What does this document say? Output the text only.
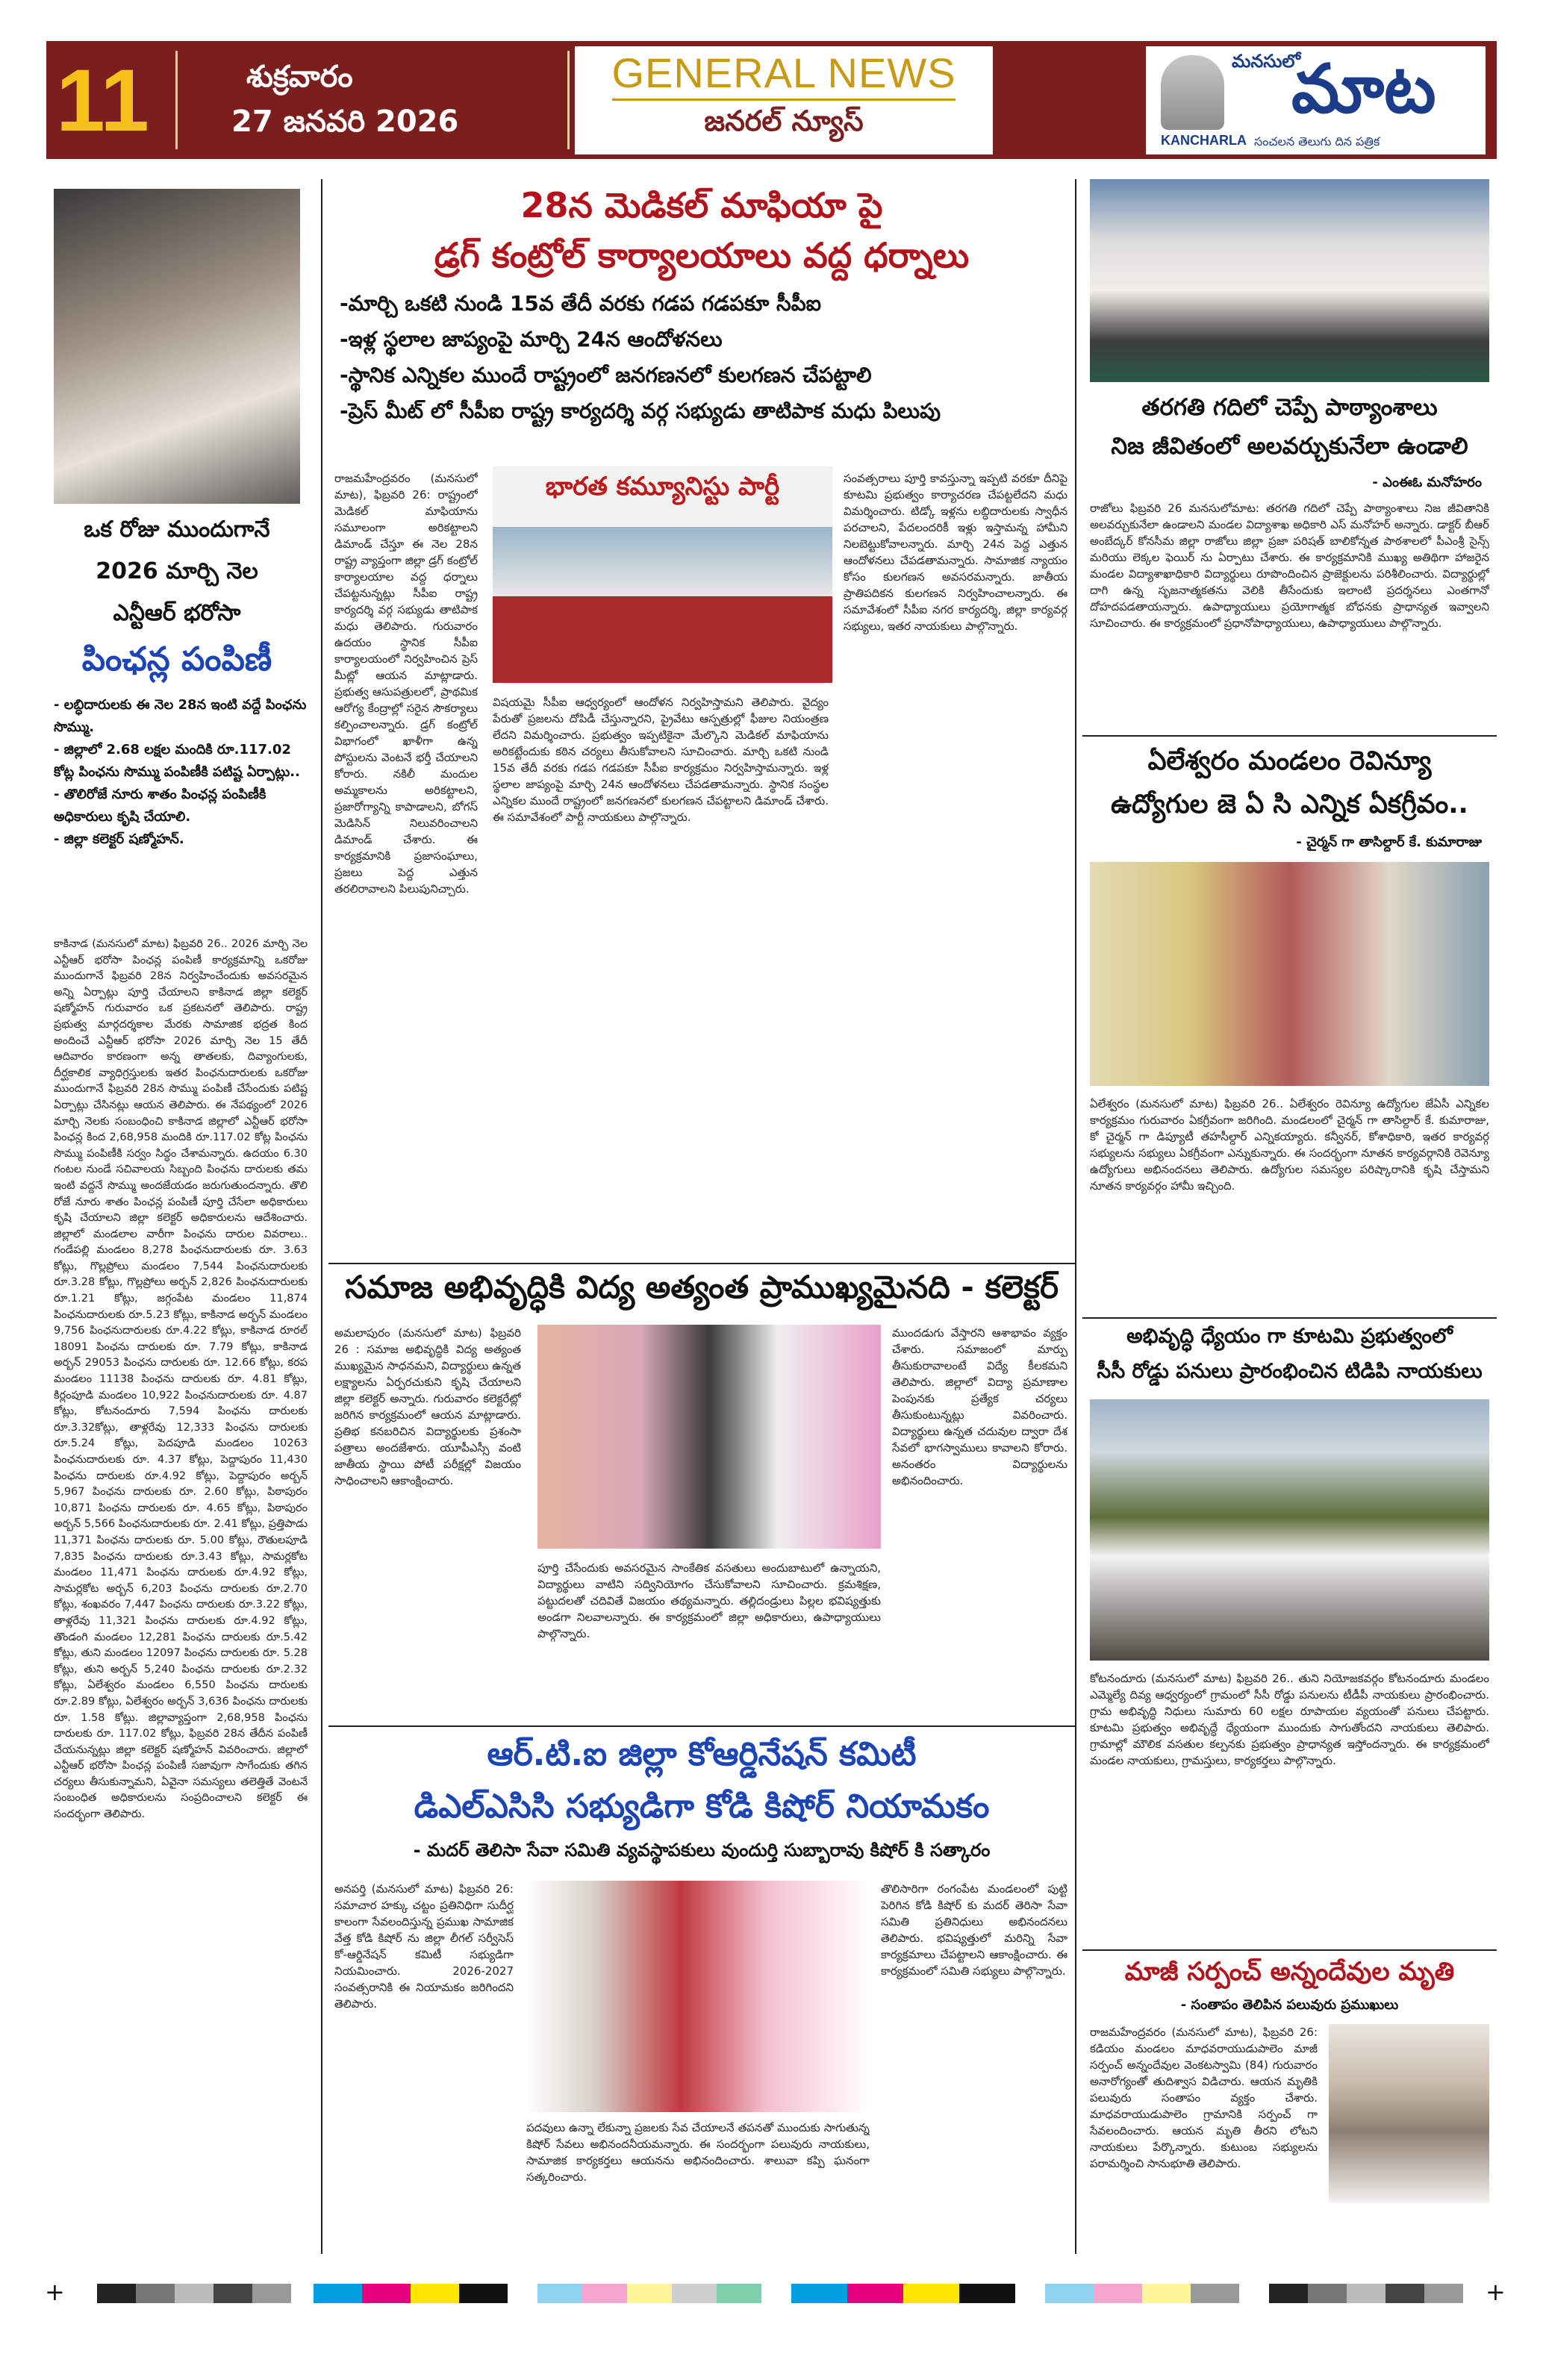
11	శుక్రవారం
27 జనవరి 2026
GENERAL NEWS
జనరల్ న్యూస్
మనసులో
మాట
KANCHARLA సంచలన తెలుగు దిన పత్రిక
ఒక రోజు ముందుగానే
2026 మార్చి నెల
ఎన్టీఆర్ భరోసా
పింఛన్ల పంపిణీ
- లబ్ధిదారులకు ఈ నెల 28న ఇంటి వద్దే పింఛను సొమ్ము.
- జిల్లాలో 2.68 లక్షల మందికి రూ.117.02 కోట్ల పింఛను సొమ్ము పంపిణీకి పటిష్ట ఏర్పాట్లు..
- తొలిరోజే నూరు శాతం పింఛన్ల పంపిణీకి అధికారులు కృషి చేయాలి.
- జిల్లా కలెక్టర్ షణ్మోహన్.
కాకినాడ (మనసులో మాట) ఫిబ్రవరి 26.. 2026 మార్చి నెల ఎన్టీఆర్ భరోసా పింఛన్ల పంపిణీ కార్యక్రమాన్ని ఒకరోజు ముందుగానే ఫిబ్రవరి 28న నిర్వహించేందుకు అవసరమైన అన్ని ఏర్పాట్లు పూర్తి చేయాలని కాకినాడ జిల్లా కలెక్టర్ షణ్మోహన్ గురువారం ఒక ప్రకటనలో తెలిపారు. రాష్ట్ర ప్రభుత్వ మార్గదర్శకాల మేరకు సామాజిక భద్రత కింద అందించే ఎన్టీఆర్ భరోసా 2026 మార్చి నెల 15 తేదీ ఆదివారం కారణంగా అన్న తాతలకు, దివ్యాంగులకు, దీర్ఘకాలిక వ్యాధిగ్రస్తులకు ఇతర పింఛనుదారులకు ఒకరోజు ముందుగానే ఫిబ్రవరి 28న సొమ్ము పంపిణీ చేసేందుకు పటిష్ట ఏర్పాట్లు చేసినట్లు ఆయన తెలిపారు. ఈ నేపథ్యంలో 2026 మార్చి నెలకు సంబంధించి కాకినాడ జిల్లాలో ఎన్టీఆర్ భరోసా పింఛన్ల కింద 2,68,958 మందికి రూ.117.02 కోట్ల పింఛను సొమ్ము పంపిణీకి సర్వం సిద్ధం చేశామన్నారు. ఉదయం 6.30 గంటల నుండే సచివాలయ సిబ్బంది పింఛను దారులకు తమ ఇంటి వద్దనే సొమ్ము అందజేయడం జరుగుతుందన్నారు. తొలి రోజే నూరు శాతం పింఛన్ల పంపిణీ పూర్తి చేసేలా అధికారులు కృషి చేయాలని జిల్లా కలెక్టర్ అధికారులను ఆదేశించారు. జిల్లాలో మండలాల వారీగా పింఛను దారుల వివరాలు.. గండేపల్లి మండలం 8,278 పింఛనుదారులకు రూ. 3.63 కోట్లు, గొల్లప్రోలు మండలం 7,544 పింఛనుదారులకు రూ.3.28 కోట్లు, గొల్లప్రోలు అర్బన్ 2,826 పింఛనుదారులకు రూ.1.21 కోట్లు, జగ్గంపేట మండలం 11,874 పింఛనుదారులకు రూ.5.23 కోట్లు, కాకినాడ అర్బన్ మండలం 9,756 పింఛనుదారులకు రూ.4.22 కోట్లు, కాకినాడ రూరల్ 18091 పింఛను దారులకు రూ. 7.79 కోట్లు, కాకినాడ అర్బన్ 29053 పింఛను దారులకు రూ. 12.66 కోట్లు, కరప మండలం 11138 పింఛను దారులకు రూ. 4.81 కోట్లు, కిర్లంపూడి మండలం 10,922 పింఛనుదారులకు రూ. 4.87 కోట్లు, కోటనందూరు 7,594 పింఛను దారులకు రూ.3.32కోట్లు, తాళ్లరేవు 12,333 పింఛను దారులకు రూ.5.24 కోట్లు, పెదపూడి మండలం 10263 పింఛనుదారులకు రూ. 4.37 కోట్లు, పెద్దాపురం 11,430 పింఛను దారులకు రూ.4.92 కోట్లు, పెద్దాపురం అర్బన్ 5,967 పింఛను దారులకు రూ. 2.60 కోట్లు, పిఠాపురం 10,871 పింఛను దారులకు రూ. 4.65 కోట్లు, పిఠాపురం అర్బన్ 5,566 పింఛనుదారులకు రూ. 2.41 కోట్లు, ప్రత్తిపాడు 11,371 పింఛను దారులకు రూ. 5.00 కోట్లు, రౌతులపూడి 7,835 పింఛను దారులకు రూ.3.43 కోట్లు, సామర్లకోట మండలం 11,471 పింఛను దారులకు రూ.4.92 కోట్లు, సామర్లకోట అర్బన్ 6,203 పింఛను దారులకు రూ.2.70 కోట్లు, శంఖవరం 7,447 పింఛను దారులకు రూ.3.22 కోట్లు, తాళ్లరేవు 11,321 పింఛను దారులకు రూ.4.92 కోట్లు, తొండంగి మండలం 12,281 పింఛను దారులకు రూ.5.42 కోట్లు, తుని మండలం 12097 పింఛను దారులకు రూ. 5.28 కోట్లు, తుని అర్బన్ 5,240 పింఛను దారులకు రూ.2.32 కోట్లు, ఏలేశ్వరం మండలం 6,550 పింఛను దారులకు రూ.2.89 కోట్లు, ఏలేశ్వరం అర్బన్ 3,636 పింఛను దారులకు రూ. 1.58 కోట్లు. జిల్లావ్యాప్తంగా 2,68,958 పింఛను దారులకు రూ. 117.02 కోట్లు, ఫిబ్రవరి 28న తేదీన పంపిణీ చేయనున్నట్లు జిల్లా కలెక్టర్ షణ్మోహన్ వివరించారు. జిల్లాలో ఎన్టీఆర్ భరోసా పింఛన్ల పంపిణీ సజావుగా సాగేందుకు తగిన చర్యలు తీసుకున్నామని, ఏవైనా సమస్యలు తలెత్తితే వెంటనే సంబంధిత అధికారులను సంప్రదించాలని కలెక్టర్ ఈ సందర్భంగా తెలిపారు.
28న మెడికల్ మాఫియా పై
డ్రగ్ కంట్రోల్ కార్యాలయాలు వద్ద ధర్నాలు
-మార్చి ఒకటి నుండి 15వ తేదీ వరకు గడప గడపకూ సీపీఐ
-ఇళ్ల స్థలాల జాప్యంపై మార్చి 24న ఆందోళనలు
-స్థానిక ఎన్నికల ముందే రాష్ట్రంలో జనగణనలో కులగణన చేపట్టాలి
-ప్రెస్ మీట్ లో సీపీఐ రాష్ట్ర కార్యదర్శి వర్గ సభ్యుడు తాటిపాక మధు పిలుపు
రాజమహేంద్రవరం (మనసులో మాట), ఫిబ్రవరి 26: రాష్ట్రంలో మెడికల్ మాఫియాను సమూలంగా అరికట్టాలని డిమాండ్ చేస్తూ ఈ నెల 28న రాష్ట్ర వ్యాప్తంగా జిల్లా డ్రగ్ కంట్రోల్ కార్యాలయాల వద్ద ధర్నాలు చేపట్టనున్నట్లు సీపీఐ రాష్ట్ర కార్యదర్శి వర్గ సభ్యుడు తాటిపాక మధు తెలిపారు. గురువారం ఉదయం స్థానిక సీపీఐ కార్యాలయంలో నిర్వహించిన ప్రెస్ మీట్లో ఆయన మాట్లాడారు. ప్రభుత్వ ఆసుపత్రులలో, ప్రాథమిక ఆరోగ్య కేంద్రాల్లో సరైన సౌకర్యాలు కల్పించాలన్నారు. డ్రగ్ కంట్రోల్ విభాగంలో ఖాళీగా ఉన్న పోస్టులను వెంటనే భర్తీ చేయాలని కోరారు. నకిలీ మందుల అమ్మకాలను అరికట్టాలని, ప్రజారోగ్యాన్ని కాపాడాలని, బోగస్ మెడిసిన్ నిలువరించాలని డిమాండ్ చేశారు. ఈ కార్యక్రమానికి ప్రజాసంఘాలు, ప్రజలు పెద్ద ఎత్తున తరలిరావాలని పిలుపునిచ్చారు.
భారత కమ్యూనిస్టు పార్టీ
విషయమై సీపీఐ ఆధ్వర్యంలో ఆందోళన నిర్వహిస్తామని తెలిపారు. వైద్యం పేరుతో ప్రజలను దోపిడీ చేస్తున్నారని, ప్రైవేటు ఆస్పత్రుల్లో ఫీజుల నియంత్రణ లేదని విమర్శించారు. ప్రభుత్వం ఇప్పటికైనా మేల్కొని మెడికల్ మాఫియాను అరికట్టేందుకు కఠిన చర్యలు తీసుకోవాలని సూచించారు. మార్చి ఒకటి నుండి 15వ తేదీ వరకు గడప గడపకూ సీపీఐ కార్యక్రమం నిర్వహిస్తామన్నారు. ఇళ్ల స్థలాల జాప్యంపై మార్చి 24న ఆందోళనలు చేపడతామన్నారు. స్థానిక సంస్థల ఎన్నికల ముందే రాష్ట్రంలో జనగణనలో కులగణన చేపట్టాలని డిమాండ్ చేశారు. ఈ సమావేశంలో పార్టీ నాయకులు పాల్గొన్నారు.
సంవత్సరాలు పూర్తి కావస్తున్నా ఇప్పటి వరకూ దీనిపై కూటమి ప్రభుత్వం కార్యాచరణ చేపట్టలేదని మధు విమర్శించారు. టిడ్కో ఇళ్లను లబ్ధిదారులకు స్వాధీన పరచాలని, పేదలందరికీ ఇళ్లు ఇస్తామన్న హామీని నిలబెట్టుకోవాలన్నారు. మార్చి 24న పెద్ద ఎత్తున ఆందోళనలు చేపడతామన్నారు. సామాజిక న్యాయం కోసం కులగణన అవసరమన్నారు. జాతీయ ప్రాతిపదికన కులగణన నిర్వహించాలన్నారు. ఈ సమావేశంలో సీపీఐ నగర కార్యదర్శి, జిల్లా కార్యవర్గ సభ్యులు, ఇతర నాయకులు పాల్గొన్నారు.
సమాజ అభివృద్ధికి విద్య అత్యంత ప్రాముఖ్యమైనది - కలెక్టర్
అమలాపురం (మనసులో మాట) ఫిబ్రవరి 26 : సమాజ అభివృద్ధికి విద్య అత్యంత ముఖ్యమైన సాధనమని, విద్యార్థులు ఉన్నత లక్ష్యాలను ఏర్పరచుకుని కృషి చేయాలని జిల్లా కలెక్టర్ అన్నారు. గురువారం కలెక్టరేట్లో జరిగిన కార్యక్రమంలో ఆయన మాట్లాడారు. ప్రతిభ కనబరిచిన విద్యార్థులకు ప్రశంసా పత్రాలు అందజేశారు. యూపీఎస్సీ వంటి జాతీయ స్థాయి పోటీ పరీక్షల్లో విజయం సాధించాలని ఆకాంక్షించారు.
పూర్తి చేసేందుకు అవసరమైన సాంకేతిక వసతులు అందుబాటులో ఉన్నాయని, విద్యార్థులు వాటిని సద్వినియోగం చేసుకోవాలని సూచించారు. క్రమశిక్షణ, పట్టుదలతో చదివితే విజయం తథ్యమన్నారు. తల్లిదండ్రులు పిల్లల భవిష్యత్తుకు అండగా నిలవాలన్నారు. ఈ కార్యక్రమంలో జిల్లా అధికారులు, ఉపాధ్యాయులు పాల్గొన్నారు.
ముందడుగు వేస్తారని ఆశాభావం వ్యక్తం చేశారు. సమాజంలో మార్పు తీసుకురావాలంటే విద్యే కీలకమని తెలిపారు. జిల్లాలో విద్యా ప్రమాణాల పెంపునకు ప్రత్యేక చర్యలు తీసుకుంటున్నట్లు వివరించారు. విద్యార్థులు ఉన్నత చదువుల ద్వారా దేశ సేవలో భాగస్వాములు కావాలని కోరారు. అనంతరం విద్యార్థులను అభినందించారు.
ఆర్.టి.ఐ జిల్లా కోఆర్డినేషన్ కమిటీ
డిఎల్ఎసిసి సభ్యుడిగా కోడి కిషోర్ నియామకం
- మదర్ తెలిసా సేవా సమితి వ్యవస్థాపకులు వుందుర్తి సుబ్బారావు కిషోర్ కి సత్కారం
అనపర్తి (మనసులో మాట) ఫిబ్రవరి 26: సమాచార హక్కు చట్టం ప్రతినిధిగా సుదీర్ఘ కాలంగా సేవలందిస్తున్న ప్రముఖ సామాజిక వేత్త కోడి కిషోర్ ను జిల్లా లీగల్ సర్వీసెస్ కో-ఆర్డినేషన్ కమిటీ సభ్యుడిగా నియమించారు. 2026-2027 సంవత్సరానికి ఈ నియామకం జరిగిందని తెలిపారు.
పదవులు ఉన్నా లేకున్నా ప్రజలకు సేవ చేయాలనే తపనతో ముందుకు సాగుతున్న కిషోర్ సేవలు అభినందనీయమన్నారు. ఈ సందర్భంగా పలువురు నాయకులు, సామాజిక కార్యకర్తలు ఆయనను అభినందించారు. శాలువా కప్పి ఘనంగా సత్కరించారు.
తొలిసారిగా రంగంపేట మండలంలో పుట్టి పెరిగిన కోడి కిషోర్ కు మదర్ తెరిసా సేవా సమితి ప్రతినిధులు అభినందనలు తెలిపారు. భవిష్యత్తులో మరిన్ని సేవా కార్యక్రమాలు చేపట్టాలని ఆకాంక్షించారు. ఈ కార్యక్రమంలో సమితి సభ్యులు పాల్గొన్నారు.
తరగతి గదిలో చెప్పే పాఠ్యాంశాలు
నిజ జీవితంలో అలవర్చుకునేలా ఉండాలి
- ఎంఈఓ మనోహరం
రాజోలు ఫిబ్రవరి 26 మనసులోమాట: తరగతి గదిలో చెప్పే పాఠ్యాంశాలు నిజ జీవితానికి అలవర్చుకునేలా ఉండాలని మండల విద్యాశాఖ అధికారి ఎస్ మనోహర్ అన్నారు. డాక్టర్ బీఆర్ అంబేద్కర్ కోనసీమ జిల్లా రాజోలు జిల్లా ప్రజా పరిషత్ బాలికోన్నత పాఠశాలలో పీఎంశ్రీ సైన్స్ మరియు లెక్కల ఫెయిర్ ను ఏర్పాటు చేశారు. ఈ కార్యక్రమానికి ముఖ్య అతిథిగా హాజరైన మండల విద్యాశాఖాధికారి విద్యార్థులు రూపొందించిన ప్రాజెక్టులను పరిశీలించారు. విద్యార్థుల్లో దాగి ఉన్న సృజనాత్మకతను వెలికి తీసేందుకు ఇలాంటి ప్రదర్శనలు ఎంతగానో దోహదపడతాయన్నారు. ఉపాధ్యాయులు ప్రయోగాత్మక బోధనకు ప్రాధాన్యత ఇవ్వాలని సూచించారు. ఈ కార్యక్రమంలో ప్రధానోపాధ్యాయులు, ఉపాధ్యాయులు పాల్గొన్నారు.
ఏలేశ్వరం మండలం రెవిన్యూ
ఉద్యోగుల జె ఏ సి ఎన్నిక ఏకగ్రీవం..
- చైర్మన్ గా తాసిల్దార్ కే. కుమారాజు
ఏలేశ్వరం (మనసులో మాట) ఫిబ్రవరి 26.. ఏలేశ్వరం రెవిన్యూ ఉద్యోగుల జేఏసీ ఎన్నికల కార్యక్రమం గురువారం ఏకగ్రీవంగా జరిగింది. మండలంలో చైర్మన్ గా తాసిల్దార్ కే. కుమారాజు, కో చైర్మన్ గా డిప్యూటీ తహసీల్దార్ ఎన్నికయ్యారు. కన్వీనర్, కోశాధికారి, ఇతర కార్యవర్గ సభ్యులను సభ్యులు ఏకగ్రీవంగా ఎన్నుకున్నారు. ఈ సందర్భంగా నూతన కార్యవర్గానికి రెవెన్యూ ఉద్యోగులు అభినందనలు తెలిపారు. ఉద్యోగుల సమస్యల పరిష్కారానికి కృషి చేస్తామని నూతన కార్యవర్గం హామీ ఇచ్చింది.
అభివృద్ధి ధ్యేయం గా కూటమి ప్రభుత్వంలో
సీసీ రోడ్డు పనులు ప్రారంభించిన టిడిపి నాయకులు
కోటనందూరు (మనసులో మాట) ఫిబ్రవరి 26.. తుని నియోజకవర్గం కోటనందూరు మండలం ఎమ్మెల్యే దివ్య ఆధ్వర్యంలో గ్రామంలో సీసీ రోడ్డు పనులను టీడీపీ నాయకులు ప్రారంభించారు. గ్రామ అభివృద్ధి నిధులు సుమారు 60 లక్షల రూపాయల వ్యయంతో పనులు చేపట్టారు. కూటమి ప్రభుత్వం అభివృద్ధే ధ్యేయంగా ముందుకు సాగుతోందని నాయకులు తెలిపారు. గ్రామాల్లో మౌలిక వసతుల కల్పనకు ప్రభుత్వం ప్రాధాన్యత ఇస్తోందన్నారు. ఈ కార్యక్రమంలో మండల నాయకులు, గ్రామస్తులు, కార్యకర్తలు పాల్గొన్నారు.
మాజీ సర్పంచ్ అన్నందేవుల మృతి
- సంతాపం తెలిపిన పలువురు ప్రముఖులు
రాజమహేంద్రవరం (మనసులో మాట), ఫిబ్రవరి 26: కడియం మండలం మాధవరాయుడుపాలెం మాజీ సర్పంచ్ అన్నందేవుల వెంకటస్వామి (84) గురువారం అనారోగ్యంతో తుదిశ్వాస విడిచారు. ఆయన మృతికి పలువురు సంతాపం వ్యక్తం చేశారు. మాధవరాయుడుపాలెం గ్రామానికి సర్పంచ్ గా సేవలందించారు. ఆయన మృతి తీరని లోటని నాయకులు పేర్కొన్నారు. కుటుంబ సభ్యులను పరామర్శించి సానుభూతి తెలిపారు.
+	+
